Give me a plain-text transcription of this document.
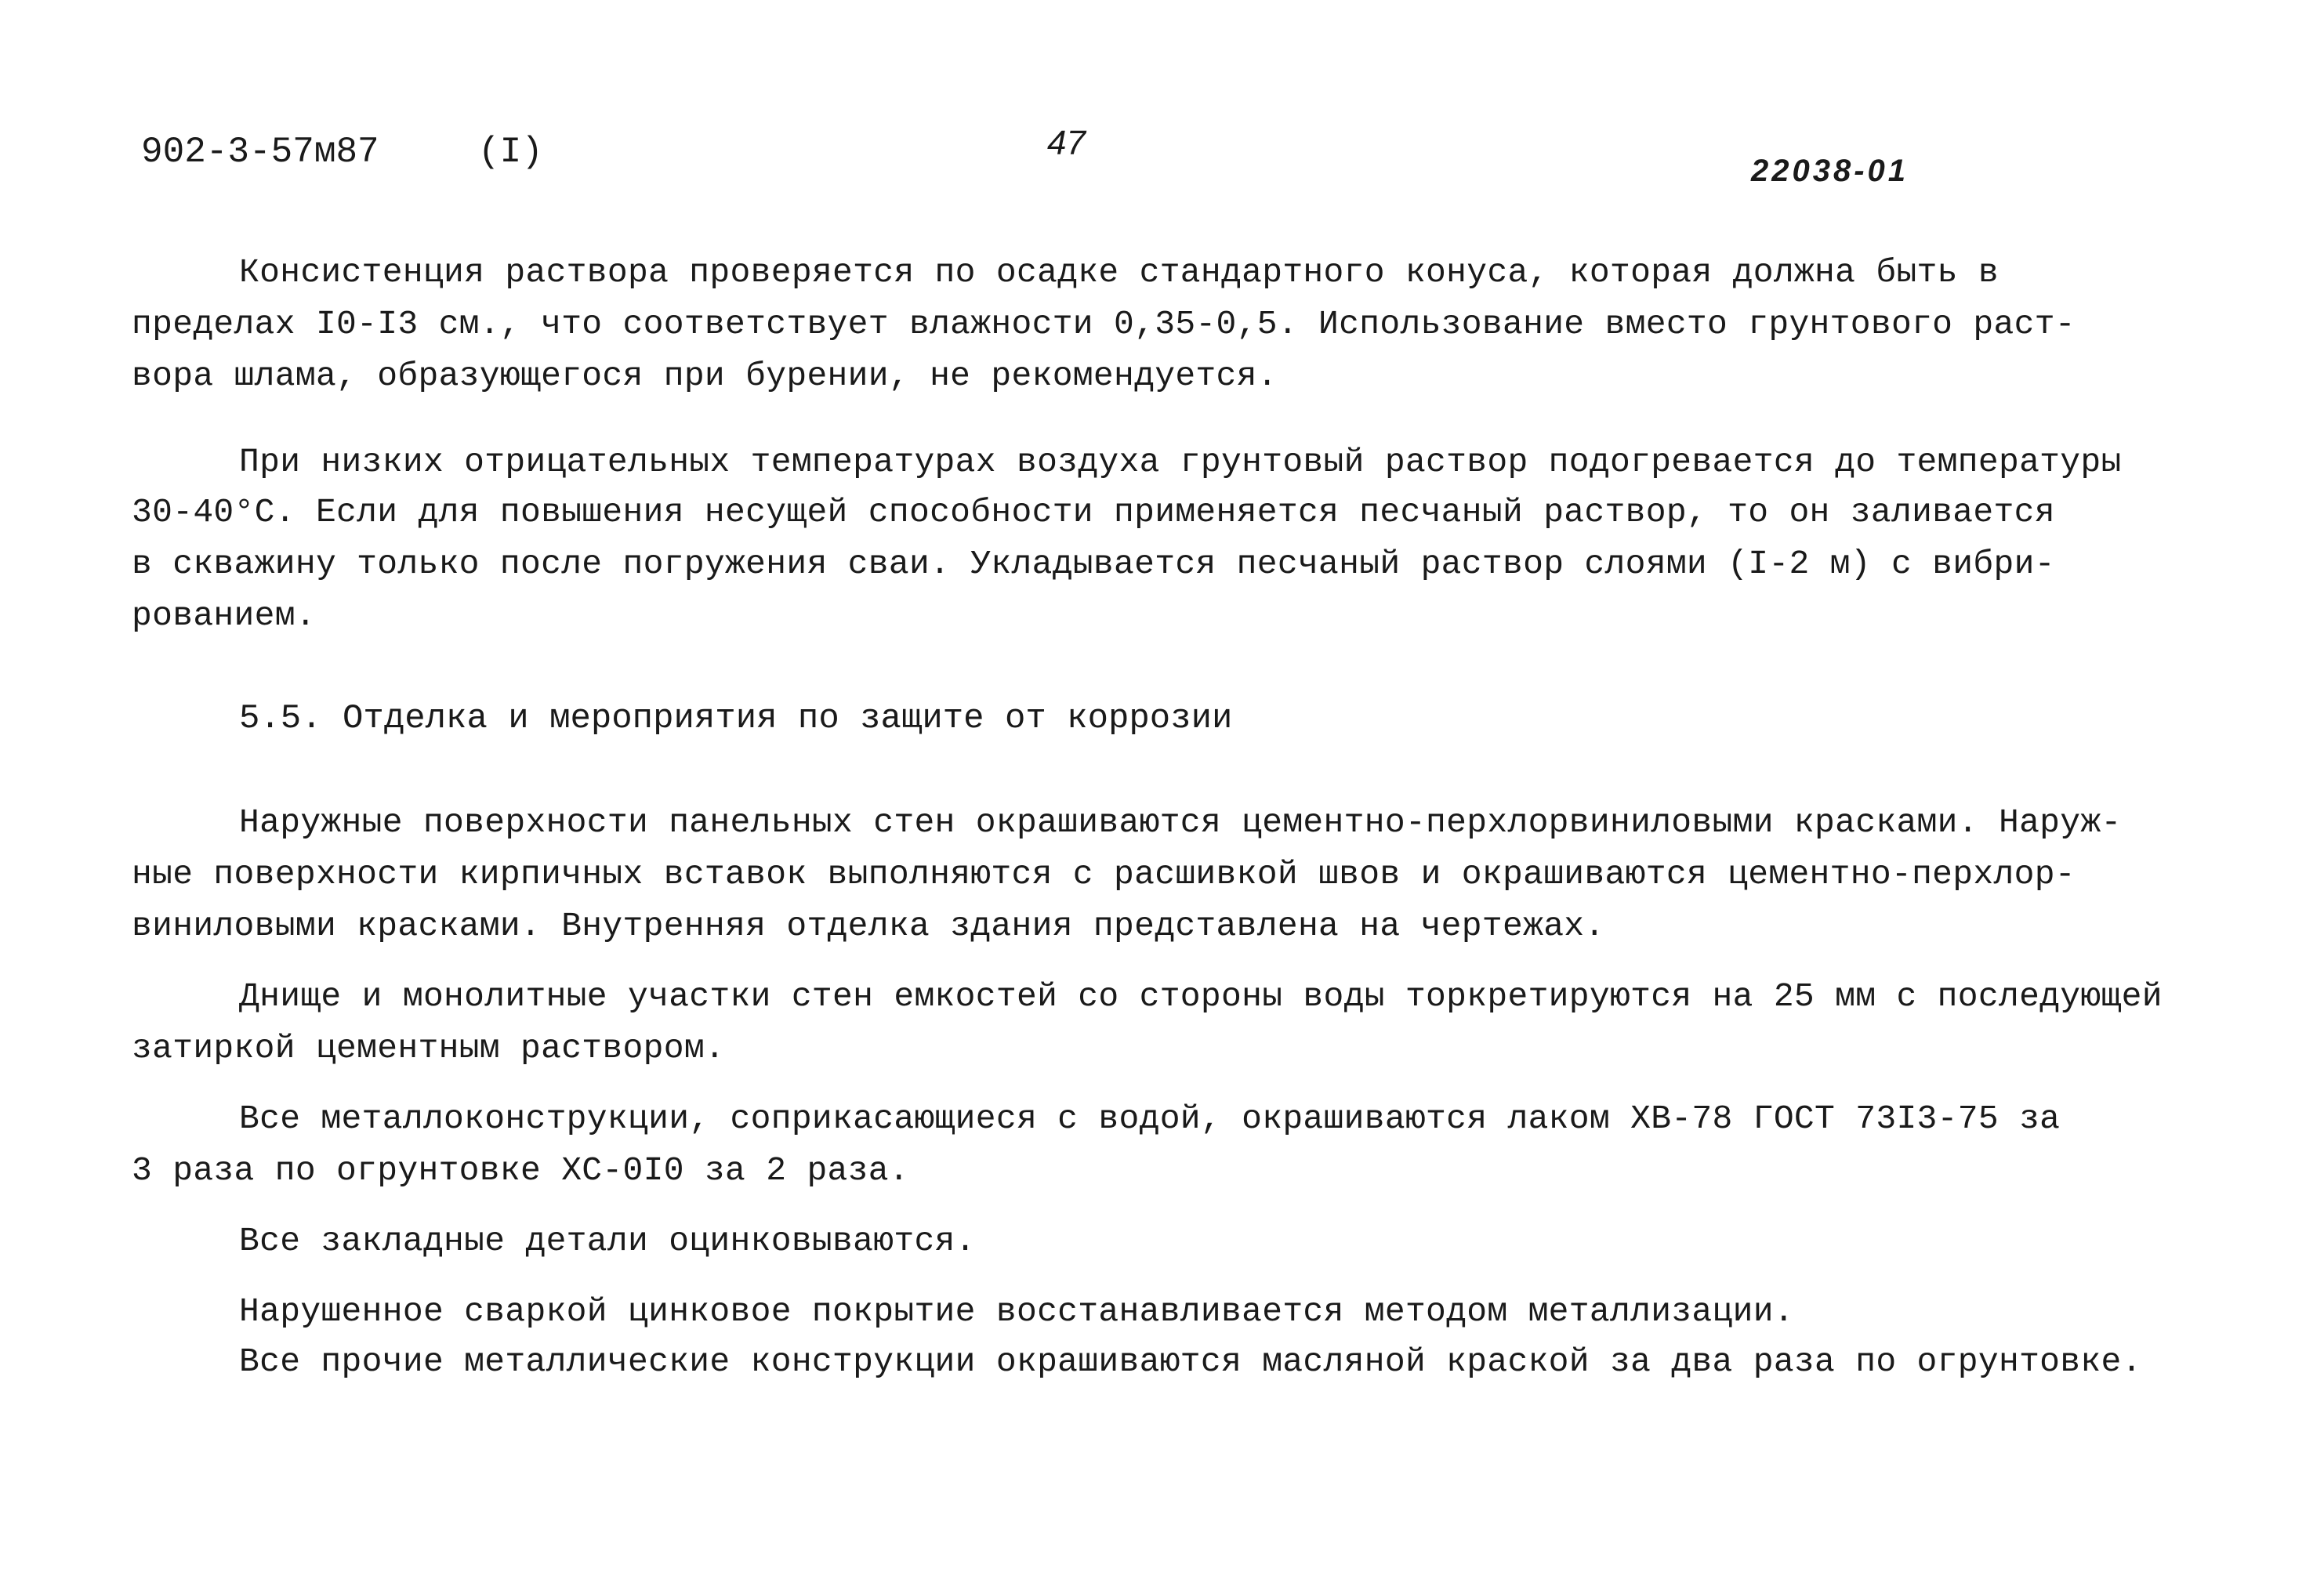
902-3-57м87	(I)	47
22038-01
Консистенция раствора проверяется по осадке стандартного конуса, которая должна быть в
пределах I0-I3 см., что соответствует влажности 0,35-0,5. Использование вместо грунтового раст-
вора шлама, образующегося при бурении, не рекомендуется.
При низких отрицательных температурах воздуха грунтовый раствор подогревается до температуры
30-40°С. Если для повышения несущей способности применяется песчаный раствор, то он заливается
в скважину только после погружения сваи. Укладывается песчаный раствор слоями (I-2 м) с вибри-
рованием.
5.5. Отделка и мероприятия по защите от коррозии
Наружные поверхности панельных стен окрашиваются цементно-перхлорвиниловыми красками. Наруж-
ные поверхности кирпичных вставок выполняются с расшивкой швов и окрашиваются цементно-перхлор-
виниловыми красками. Внутренняя отделка здания представлена на чертежах.
Днище и монолитные участки стен емкостей со стороны воды торкретируются на 25 мм с последующей
затиркой цементным раствором.
Все металлоконструкции, соприкасающиеся с водой, окрашиваются лаком ХВ-78 ГОСТ 73I3-75 за
3 раза по огрунтовке ХС-0I0 за 2 раза.
Все закладные детали оцинковываются.
Нарушенное сваркой цинковое покрытие восстанавливается методом металлизации.
Все прочие металлические конструкции окрашиваются масляной краской за два раза по огрунтовке.
